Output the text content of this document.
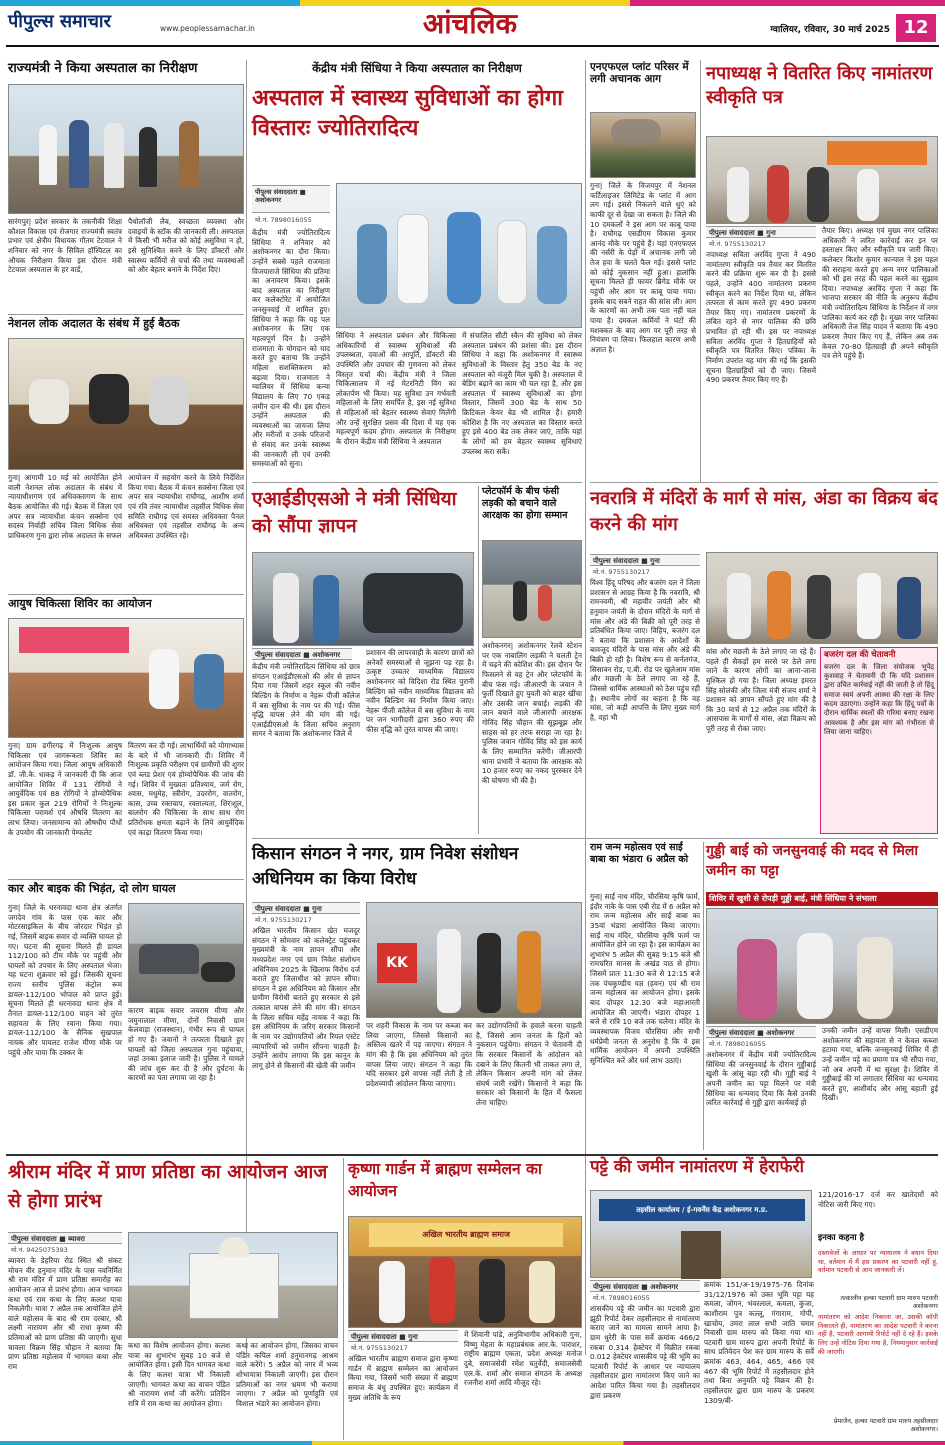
पीपुल्स समाचार	www.peoplessamachar.in	आंचलिक	ग्वालियर, रविवार, 30 मार्च 2025 12
राज्यमंत्री ने किया अस्पताल का निरीक्षण
सारंगपुर| प्रदेश सरकार के तकनीकी शिक्षा कौशल विकास एवं रोजगार राज्यमंत्री स्वतंत्र प्रभार एवं क्षेत्रीय विधायक गौतम टेटवाल ने शनिवार को नगर के सिविल हॉस्पिटल का औचक निरीक्षण किया इस दौरान मंत्री टेटवाल अस्पताल के हर वार्ड,
पैथोलॉजी लैब, स्वच्छता व्यवस्था और दवाइयों के स्टॉक की जानकारी ली। अस्पताल में किसी भी मरीज को कोई असुविधा न हो, इसे सुनिश्चित करने के लिए डॉक्टरों और स्वास्थ्य कर्मियों से चर्चा की तथा व्यवस्थाओं को और बेहतर बनाने के निर्देश दिए।
नेशनल लोक अदालत के संबंध में हुई बैठक
गुना| आगामी 10 मई को आयोजित होने वाली नेशनल लोक अदालत के संबंध में न्यायाधीशगण एवं अधिवक्तागण के साथ बैठक आयोजित की गई। बैठक में जिला एवं अपर सत्र न्यायाधीश कंचन सक्सेना एवं सदस्य निर्वाही सचिव जिला विधिक सेवा प्राधिकरण गुना द्वारा लोक अदालत के सफल
आयोजन में सहयोग करने के लिये निर्देशित किया गया। बैठक में कंचन सक्सेना जिला एवं अपर सत्र न्यायाधीश राघौगढ़, आशीष शर्मा एवं रवि तंवर न्यायाधीश तहसील विधिक सेवा समिति राघौगढ़ एवं समस्त अधिवक्ता पैनल अधिवक्ता एवं तहसील राघौगढ़ के अन्य अधिवक्ता उपस्थित रहे।
आयुष चिकित्सा शिविर का आयोजन
गुना| ग्राम डगीरगढ़ में निःशुल्क आयुष चिकित्सा एवं जागरूकता शिविर का आयोजन किया गया। जिला आयुष अधिकारी डॉ. जी.के. धाकड़ ने जानकारी दी कि आज आयोजित शिविर में 131 रोगियों ने आयुर्वेदिक एवं 88 रोगियों ने होम्योपैथिक इस प्रकार कुल 219 रोगियों ने निःशुल्क चिकित्सा परामर्श एवं औषधि वितरण का लाभ लिया। जनसामान्य को औषधीय पौधों के उपयोग की जानकारी पेम्फलेट
वितरण कर दी गई। लाभार्थियों को योगाभ्यास के बारे में भी जानकारी दी। शिविर में निःशुल्क प्रकृति परीक्षण एवं ग्रामीणों की शुगर एवं ब्लड प्रेशर एवं होम्योपैथिक की जांच की गई। शिविर में मुख्यतः प्रतिश्याय, जर्म रोग, श्वास, मधुमेह, स्त्रीरोग, उदररोग, वातरोग, कास, उच्च रक्तचाप, रक्ताल्पता, शिरःशूल, बालरोग की चिकित्सा के साथ साथ रोग प्रतिरोधक क्षमता बढ़ाने के लिये आयुर्वेदिक एवं काढ़ा वितरण किया गया।
कार और बाइक की भिड़ंत, दो लोग घायल
गुना| जिले के धरनावदा थाना क्षेत्र अंतर्गत जगदेव गांव के पास एक कार और मोटरसाइकिल के बीच जोरदार भिड़ंत हो गई, जिसमें बाइक सवार दो व्यक्ति घायल हो गए। घटना की सूचना मिलते ही डायल 112/100 को टीम मौके पर पहुंची और घायलों को उपचार के लिए अस्पताल भेजा। यह घटना शुक्रवार को हुई। जिसकी सूचना राज्य स्तरीय पुलिस कंट्रोल रूम डायल-112/100 भोपाल को प्राप्त हुई। सूचना मिलते ही धरनावदा थाना क्षेत्र में तैनात डायल-112/100 वाहन को तुरंत सहायता के लिए रवाना किया गया। डायल-112/100 के सैनिक सुखपाल नायक और पायलट राजेश मीणा मौके पर पहुंचे और पाया कि टक्कर के
कारण बाइक सवार जयराम मीणा और जमुनालाल मीणा, दोनों निवासी ग्राम केलवाड़ा (राजस्थान), गंभीर रूप से घायल हो गए हैं। जवानों ने तत्परता दिखाते हुए घायलों को जिला अस्पताल गुना पहुंचाया, जहां उनका इलाज जारी है। पुलिस ने मामले की जांच शुरू कर दी है और दुर्घटना के कारणों का पता लगाया जा रहा है।
केंद्रीय मंत्री सिंधिया ने किया अस्पताल का निरीक्षण
अस्पताल में स्वास्थ्य सुविधाओं का होगा विस्तारः ज्योतिरादित्य
पीपुल्स संवाददाता ■ अशोकनगर
मो.नं. 7898016055
केंद्रीय मंत्री ज्योतिरादित्य सिंधिया ने शनिवार को अशोकनगर का दौरा किया। उन्होंने सबसे पहले राजमाता विजयाराजे सिंधिया की प्रतिमा का अनावरण किया। इसके बाद अस्पताल का निरीक्षण कर कलेक्टोरेट में आयोजित जनसुनवाई में शामिल हुए। सिंधिया ने कहा कि यह पल अशोकनगर के लिए एक महत्वपूर्ण दिन है। उन्होंने राजमाता के योगदान को याद करते हुए बताया कि उन्होंने महिला सशक्तिकरण को बढ़ावा दिया। राजमाता ने ग्वालियर में सिंधिया कन्या विद्यालय के लिए 70 एकड़ जमीन दान की थी। इस दौरान उन्होंने अस्पताल की व्यवस्थाओं का जायजा लिया और मरीजों व उनके परिजनों से संवाद कर उनके स्वास्थ्य की जानकारी ली एवं उनकी समस्याओं को सुना।
सिंधिया ने अस्पताल प्रबंधन और चिकित्सा अधिकारियों से स्वास्थ्य सुविधाओं की उपलब्धता, दवाओं की आपूर्ति, डॉक्टरों की उपस्थिति और उपचार की गुणवत्ता को लेकर विस्तृत चर्चा की। केंद्रीय मंत्री ने जिला चिकित्सालय में नई मेटरनिटी विंग का लोकार्पण भी किया। यह सुविधा उन गर्भवती महिलाओं के लिए समर्पित है, इस नई सुविधा से महिलाओं को बेहतर स्वास्थ्य सेवाएं मिलेंगी और उन्हें सुरक्षित प्रसव की दिशा में यह एक महत्वपूर्ण कदम होगा। अस्पताल के निरीक्षण के दौरान केंद्रीय मंत्री सिंधिया ने अस्पताल
में संचालित सीटी स्कैन की सुविधा को लेकर अस्पताल प्रबंधन की प्रशंसा की। इस दौरान सिंधिया ने कहा कि अशोकनगर में स्वास्थ्य सुविधाओं के विस्तार हेतु 350 बेड के नए अस्पताल को मंजूरी मिल चुकी है। अस्पताल में बेडिंग बढ़ाने का काम भी चल रहा है, और इस अस्पताल में स्वास्थ्य सुविधाओं का होगा विस्तार, जिसमें 300 बेड के साथ 50 क्रिटिकल केयर बेड भी शामिल हैं। हमारी कोशिश है कि नए अस्पताल का विस्तार करते हुए इसे 400 बेड तक लेकर जाएं, ताकि यहां के लोगों को हम बेहतर स्वास्थ्य सुविधाएं उपलब्ध करा सकें।
एनएफएल प्लांट परिसर में लगी अचानक आग
गुना| जिले के विजयपुर में नेशनल फर्टिलाइजर लिमिटेड के प्लांट में आग लग गई। इससे निकलने वाले धुएं को काफी दूर से देखा जा सकता है। जिले की 10 दमकलों ने इस आग पर काबू पाया है। राघौगढ़ एसडीएम विकास कुमार आनंद मौके पर पहुंचे हैं। यहां एनएफएल की नर्सरी के पेड़ों में अचानक लगी जो तेज हवा के चलते फैल गई। इससे प्लांट को कोई नुकसान नहीं हुआ। हालांकि सूचना मिलते ही फायर ब्रिगेड मौके पर पहुंची और आग पर काबू पाया गया। इसके बाद सबने राहत की सांस ली। आग के कारणों का अभी तक पता नहीं चल पाया है। दमकल कर्मियों ने घंटों की मशक्कत के बाद आग पर पूरी तरह से नियंत्रण पा लिया। फिलहाल कारण अभी अज्ञात है।
नपाध्यक्ष ने वितरित किए नामांतरण स्वीकृति पत्र
पीपुल्स संवाददाता ■ गुना
मो.नं. 9755130217
नपाध्यक्ष सविता अरविंद गुप्ता ने 490 नामांतरण स्वीकृति पत्र तैयार कर वितरित करने की प्रक्रिया शुरू कर दी है। इससे पहले, उन्होंने 400 नामांतरण प्रकरण स्वीकृत करने का निर्देश दिया था, लेकिन तत्परता से काम करते हुए 490 प्रकरण तैयार किए गए। नामांतरण प्रकरणों के लंबित रहने से नगर पालिका की छवि प्रभावित हो रही थी। इस पर नपाध्यक्ष सविता अरविंद गुप्ता ने हितग्राहियों को स्वीकृति पत्र वितरित किए। पत्रिका के निर्माण उपरांत यह मांग की गई कि इसकी सूचना हितग्राहियों को दी जाए। जिसमें 490 प्रकरण तैयार किए गए हैं।
तैयार किए। अध्यक्ष एवं मुख्य नगर पालिका अधिकारी ने त्वरित कार्रवाई कर इन पर हस्ताक्षर किए और स्वीकृति पत्र जारी किए। कलेक्टर किशोर कुमार कान्याल ने इस पहल की सराहना करते हुए अन्य नगर पालिकाओं को भी इस तरह की पहल करने का सुझाव दिया। नपाध्यक्ष अरविंद गुप्ता ने कहा कि भाजपा सरकार की नीति के अनुरूप केंद्रीय मंत्री ज्योतिरादित्य सिंधिया के निर्देशन में नगर पालिका कार्य कर रही है। मुख्य नगर पालिका अधिकारी तेज सिंह यादव ने बताया कि 490 प्रकरण तैयार किए गए हैं, लेकिन अब तक केवल 70-80 हितग्राही ही अपने स्वीकृति पत्र लेने पहुंचे हैं।
एआईडीएसओ ने मंत्री सिंधिया को सौंपा ज्ञापन
पीपुल्स संवाददाता ■ अशोकनगर
केंद्रीय मंत्री ज्योतिरादित्य सिंधिया को छात्र संगठन एआईडीएसओ की ओर से ज्ञापन दिया गया जिसमें शहर स्कूल की नवीन बिल्डिंग के निर्माण व नेहरू पीजी कॉलेज में बस सुविधा के नाम पर की गई। फीस वृद्धि वापस लेने की मांग की गई। एआईडीएसओ के जिला सचिव अनुराग सागर ने बताया कि अशोकनगर जिले में
प्रशासन की लापरवाही के कारण छात्रों को अनेकों समस्याओं से जूझना पड़ रहा है। उत्कृष्ट उच्चतर माध्यमिक विद्यालय अशोकनगर को विदिशा रोड स्थित पुरानी बिल्डिंग को नवीन माध्यमिक विद्यालय को नवीन बिल्डिंग का निर्माण किया जाए। नेहरू पीजी कॉलेज में बस सुविधा के नाम पर जन भागीदारी द्वारा 360 रुपए की फीस वृद्धि को तुरंत वापस की जाए।
प्लेटफॉर्म के बीच फंसी लड़की को बचाने वाले आरक्षक का होगा सम्मान
अशोकनगर| अशोकनगर रेलवे स्टेशन पर एक नाबालिग लड़की ने चलती ट्रेन में चढ़ने की कोशिश की। इस दौरान पैर फिसलने से वह ट्रेन और प्लेटफॉर्म के बीच फंस गई। जीआरपी के जवान ने फुर्ती दिखाते हुए युवती को बाहर खींचा और उसकी जान बचाई। लड़की की जान बचाने वाले जीआरपी आरक्षक गोविंद सिंह चौहान की सूझबूझ और साहस को हर तरफ सराहा जा रहा है। पुलिस जवान गोविंद सिंह को इस कार्य के लिए सम्मानित करेंगी। जीआरपी थाना प्रभारी ने बताया कि आरक्षक को 10 हजार रुपए का नकद पुरस्कार देने की घोषणा भी की है।
नवरात्रि में मंदिरों के मार्ग से मांस, अंडा का विक्रय बंद करने की मांग
पीपुल्स संवाददाता ■ गुना
मो.नं. 9755130217
विश्व हिंदू परिषद और बजरंग दल ने जिला प्रशासन से आग्रह किया है कि नवरात्रि, श्री रामनवमी, श्री महावीर जयंती और श्री हनुमान जयंती के दौरान मंदिरों के मार्ग से मांस और अंडे की बिक्री को पूरी तरह से प्रतिबंधित किया जाए। विहिप, बजरंग दल ने बताया कि प्रशासन के आदेशों के बावजूद मंदिरों के पास मांस और अंडे की बिक्री हो रही है। विशेष रूप से कर्नलगंज, सिसावन रोड, ए.बी. रोड पर खुलेआम मांस और मछली के ठेले लगाए जा रहे हैं, जिससे धार्मिक आस्थाओं को ठेस पहुंच रही है। स्थानीय लोगों का कहना है कि वह मांस, जो कड़ी आपत्ति के लिए मुख्य मार्ग है, वहां भी
मांस और मछली के ठेले लगाए जा रहे हैं। पहले ही सैकड़ों हम सरसे पर ठेले लगा जाने के कारण लोगों का आना-जाना मुश्किल हो गया है। जिला अध्यक्ष इमरत सिंह सोलंकी और जिला मंत्री संजय शर्मा ने प्रशासन को ज्ञापन सौंपते हुए मांग की है कि 30 मार्च से 12 अप्रैल तक मंदिरों के आसपास के मार्गों से मांस, अंडा विक्रय को पूरी तरह से रोका जाए।
बजरंग दल की चेतावनी
बजरंग दल के जिला संयोजक भूपेंद्र कुशवाह ने चेतावनी दी कि यदि प्रशासन द्वारा उचित कार्रवाई नहीं की जाती है तो हिंदू समाज स्वयं अपनी आस्था की रक्षा के लिए कदम उठाएगा। उन्होंने कहा कि हिंदू पर्वों के दौरान धार्मिक स्थलों की गरिमा बनाए रखना आवश्यक है और इस मांग को गंभीरता से लिया जाना चाहिए।
किसान संगठन ने नगर, ग्राम निवेश संशोधन अधिनियम का किया विरोध
पीपुल्स संवाददाता ■ गुना
मो.नं. 9755130217
अखिल भारतीय किसान खेत मजदूर संगठन ने सोमवार को कलेक्ट्रेट पहुंचकर मुख्यमंत्री के नाम ज्ञापन सौंपा और मध्यप्रदेश नगर एवं ग्राम निवेश संशोधन अधिनियम 2025 के खिलाफ विरोध दर्ज कराते हुए जिलाधीश को ज्ञापन सौंपा। संगठन ने इस अधिनियम को किसान और ग्रामीण विरोधी बताते हुए सरकार से इसे तत्काल वापस लेने की मांग की। संगठन के जिला सचिव महेंद्र नायक ने कहा कि इस अधिनियम के जरिए सरकार किसानों के नाम पर उद्योगपतियों और रियल एस्टेट व्यापारियों को जमीन सौंपना चाहती है। उन्होंने आरोप लगाया कि इस कानून के लागू होने से किसानों की खेती की जमीन
KK
पर शहरी विकास के नाम पर कब्जा कर लिया जाएगा, जिससे किसानों का अस्तित्व खतरे में पड़ जाएगा। संगठन ने मांग की है कि इस अधिनियम को तुरंत वापस लिया जाए। संगठन ने कहा कि यदि सरकार इसे वापस नहीं लेती है तो प्रदेशव्यापी आंदोलन किया जाएगा।
कर उद्योगपतियों के हवाले करना चाहती है, जिससे आम जनता के हितों को नुकसान पहुंचेगा। संगठन ने चेतावनी दी कि सरकार किसानों के आंदोलन को दबाने के लिए कितनी भी ताकत लगा ले, लेकिन किसान अपनी मांग को लेकर संघर्ष जारी रखेंगे। किसानों ने कहा कि सरकार को किसानों के हित में फैसला लेना चाहिए।
राम जन्म महोत्सव एवं साईं बाबा का भंडारा 6 अप्रैल को
गुना| साईं नाथ मंदिर, चौरसिया कृषि फार्म, इंदौर नाके के पास एबी रोड में 6 अप्रैल को राम जन्म महोत्सव और साईं बाबा का 35वां भंडारा आयोजित किया जाएगा। साईं नाथ मंदिर, चौरसिया कृषि फार्म पर आयोजित होने जा रहा है। इस कार्यक्रम का शुभारंभ 5 अप्रैल की सुबह 9:15 बजे श्री रामचरित मानस के अखंड पाठ से होगा। जिसमें प्रातः 11:30 बजे से 12:15 बजे तक पंचकुण्डीय यज्ञ (हवन) एवं श्री राम जन्म महोत्सव का आयोजन होगा। इसके बाद दोपहर 12.30 बजे महाआरती आयोजित की जाएगी। भंडारा दोपहर 1 बजे से रात्रि 10 बजे तक चलेगा। मंदिर के व्यवस्थापक विजय चौरसिया और सभी धर्मप्रेमी जनता से अनुरोध है कि वे इस धार्मिक आयोजन में अपनी उपस्थिति सुनिश्चित करें और धर्म लाभ उठाएं।
गुड्डी बाई को जनसुनवाई की मदद से मिला जमीन का पट्टा
शिविर में खुशी से रोपड़ी गुड्डी बाई, मंत्री सिंधिया ने संभाला
पीपुल्स संवाददाता ■ अशोकनगर
मो.नं. 7898016055
अशोकनगर में केंद्रीय मंत्री ज्योतिरादित्य सिंधिया की जनसुनवाई के दौरान गुड्डीबाई खुशी के आंसू बहा रही थी। गुड्डी बाई ने अपनी जमीन का पट्टा मिलने पर मंत्री सिंधिया का धन्यवाद दिया कि कैसे उनकी त्वरित कार्रवाई से गुड्डी द्वारा कार्यवाई हो
उनकी जमीन उन्हें वापस मिली। एसडीएम अशोकनगर की सहायता से न केवल कब्जा हटाया गया, बल्कि जनसुनवाई शिविर में ही उन्हें जमीन पट्टे का प्रमाण पत्र भी सौंपा गया, जो अब अपनी में था सुरक्षा है। शिविर में गुड्डीबाई की मां लगातार सिंधिया का धन्यवाद करते हुए, आशीर्वाद और आंसू बहाती हुई दिखीं।
श्रीराम मंदिर में प्राण प्रतिष्ठा का आयोजन आज से होगा प्रारंभ
पीपुल्स संवाददाता ■ ब्यावरा
मो.नं. 9425075393
ब्यावरा के डेहरिया रोड स्थित श्री संकट मोचन वीर हनुमान मंदिर के पास नवनिर्मित श्री राम मंदिर में प्राण प्रतिष्ठा समारोह का आयोजन आज से प्रारंभ होगा। आज भागवत कथा एवं राम कथा के लिए कलश यात्रा निकलेगी। यात्रा 7 अप्रैल तक आयोजित होने वाले महोत्सव के बाद श्री राम दरबार, श्री लक्ष्मी नारायण और श्री राधा कृष्ण की प्रतिमाओं को प्राण प्रतिष्ठा की जाएगी। सुधा चावला विक्रम सिंह चौहान ने बताया कि प्राण प्रतिष्ठा महोत्सव में भागवत कथा और राम
कथा का विशेष आयोजन होगा। कलश यात्रा का शुभारंभ सुबह 10 बजे से आयोजित होगा। इसी दिन भागवत कथा के लिए कलश यात्रा भी निकाली जाएगी। भागवत कथा का वाचन पंडित श्री नारायण शर्मा जी करेंगे। प्रतिदिन रात्रि में राम कथा का आयोजन होगा।
कथा का आयोजन होगा, जिसका वाचन पंडित कपिल शर्मा हनुमानगढ़ आश्रम वाले करेंगे। 5 अप्रैल को नगर में भव्य शोभायात्रा निकाली जाएगी। इस दौरान प्रतिमाओं का नगर भ्रमण भी कराया जाएगा। 7 अप्रैल को पूर्णाहुति एवं विशाल भंडारे का आयोजन होगा।
कृष्णा गार्डन में ब्राह्मण सम्मेलन का आयोजन
अखिल भारतीय ब्राह्मण समाज
पीपुल्स संवाददाता ■ गुना
मो.नं. 9755130217
अखिल भारतीय ब्राह्मण समाज द्वारा कृष्णा गार्डन में ब्राह्मण सम्मेलन का आयोजन किया गया, जिसमें भारी संख्या में ब्राह्मण समाज के बंधु उपस्थित हुए। कार्यक्रम में मुख्य अतिथि के रूप
में शिवानी पांडे, अनुविभागीय अधिकारी गुना, विष्णु मेहता के महाप्रबंधक आर.के. पाराशर, राष्ट्रीय ब्राह्मण एकता, प्रदेश अध्यक्ष मनोज दुबे, समाजसेवी रमेश चतुर्वेदी, समाजसेवी एल.के. शर्मा और समाज संगठन के अध्यक्ष रजनीश शर्मा आदि मौजूद रहे।
पट्टे की जमीन नामांतरण में हेराफेरी
तहसील कार्यालय / ई-गवर्नेंस केंद्र अशोकनगर म.प्र.
121/2016-17 दर्ज कर खातेदारों को नोटिस जारी किए गए।
इनका कहना है
दस्तावेजों के आधार पर न्यायालय ने बयान दिया था, वर्तमान में मैं इस प्रकरण का पटवारी नहीं हूं, वर्तमान पटवारी से आप जानकारी लें।
तत्कालीन हल्का पटवारी ग्राम मारुप पटवारी अशोकनगर
नामांतरण को आदेश निकाला जा, उसकी कॉपी निकालते ही, नामांतरण का आदेश पटवारी ने करना नहीं है, पटवारी आगामी रिपोर्ट नहीं दे रहे हैं। इसके लिए उन्हें नोटिस दिया गया है, नियमानुसार कार्रवाई की जाएगी।
प्रेमाजैन, हल्का पटवारी ग्राम मारुप तहसीलदार अशोकनगर।
पीपुल्स संवाददाता ■ अशोकनगर
मो.नं. 7898016055
शासकीय पट्टे की जमीन का पटवारी द्वारा झूठी रिपोर्ट देकर तहसीलदार से नामांतरण कराए जाने का मामला सामने आया है। ग्राम धुरेरी के पास सर्वे क्रमांक 466/2 रकबा 0.314 हेक्टेयर में विक्रीत रकबा 0.012 हेक्टेयर शासकीय पट्टे की भूमि का पटवारी रिपोर्ट के आधार पर न्यायालय तहसीलदार द्वारा नामांतरण किए जाने का आदेश पारित किया गया है। तहसीलदार द्वारा प्रकरण
क्रमांक 151/अ-19/1975-76 दिनांक 31/12/1976 को उक्त भूमि पट्टा यह कमला, जोगन, भंवरलाल, कमला, कुंजा, काशीराम पुत्र कल्लू, गंगाराम, गोपी, खाचोय, उमरा लाल सभी जाति चमार निवासी ग्राम मारुप को किया गया था। पटवारी ग्राम मारुप द्वारा अपनी रिपोर्ट के साथ प्रतिवेदन पेश कर ग्राम मारुप के सर्वे क्रमांक 463, 464, 465, 466 एवं 467 की भूमि रिपोर्ट में तहसीलदार होने तथा बिना अनुमति पट्टे विक्रय की है। तहसीलदार द्वारा ग्राम मारुप के प्रकरण 1309/बी-
